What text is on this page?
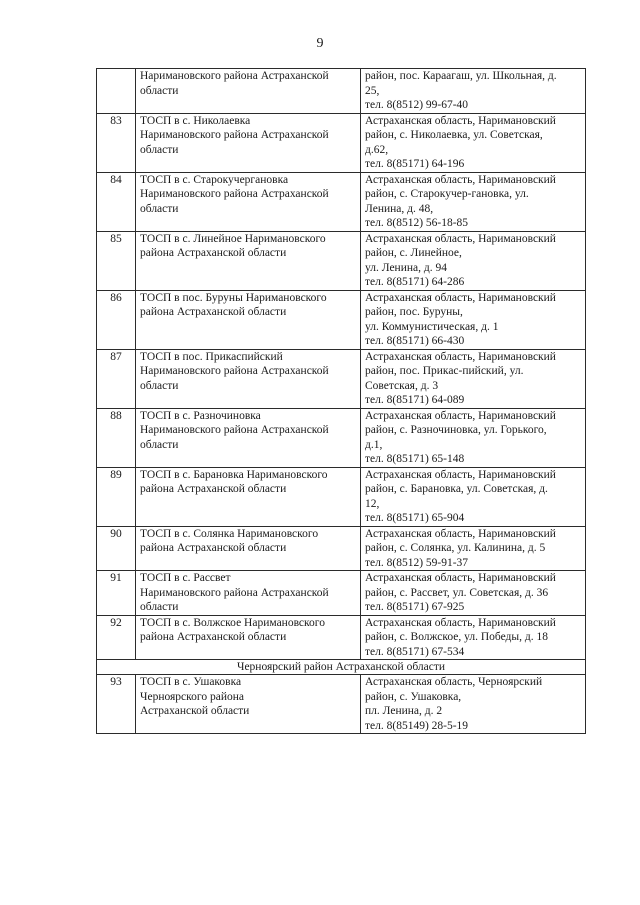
9

	Наримановского района Астраханской
области	район, пос. Караагаш, ул. Школьная, д.
25,
тел. 8(8512) 99-67-40

83	ТОСП в с. Николаевка
Наримановского района Астраханской
области	Астраханская область, Наримановский
район, с. Николаевка, ул. Советская,
д.62,
тел. 8(85171) 64-196

84	ТОСП в с. Старокучергановка
Наримановского района Астраханской
области	Астраханская область, Наримановский
район, с. Старокучер-гановка, ул.
Ленина, д. 48,
тел. 8(8512) 56-18-85

85	ТОСП в с. Линейное Наримановского
района Астраханской области	Астраханская область, Наримановский
район, с. Линейное,
ул. Ленина, д. 94
тел. 8(85171) 64-286

86	ТОСП в пос. Буруны Наримановского
района Астраханской области	Астраханская область, Наримановский
район, пос. Буруны,
ул. Коммунистическая, д. 1
тел. 8(85171) 66-430

87	ТОСП в пос. Прикаспийский
Наримановского района Астраханской
области	Астраханская область, Наримановский
район, пос. Прикас-пийский, ул.
Советская, д. 3
тел. 8(85171) 64-089

88	ТОСП в с. Разночиновка
Наримановского района Астраханской
области	Астраханская область, Наримановский
район, с. Разночиновка, ул. Горького,
д.1,
тел. 8(85171) 65-148

89	ТОСП в с. Барановка Наримановского
района Астраханской области	Астраханская область, Наримановский
район, с. Барановка, ул. Советская, д.
12,
тел. 8(85171) 65-904

90	ТОСП в с. Солянка Наримановского
района Астраханской области	Астраханская область, Наримановский
район, с. Солянка, ул. Калинина, д. 5
тел. 8(8512) 59-91-37

91	ТОСП в с. Рассвет
Наримановского района Астраханской
области	Астраханская область, Наримановский
район, с. Рассвет, ул. Советская, д. 36
тел. 8(85171) 67-925

92	ТОСП в с. Волжское Наримановского
района Астраханской области	Астраханская область, Наримановский
район, с. Волжское, ул. Победы, д. 18
тел. 8(85171) 67-534

Черноярский район Астраханской области		
93	ТОСП в с. Ушаковка
Черноярского района
Астраханской области	Астраханская область, Черноярский
район, с. Ушаковка,
пл. Ленина, д. 2
тел. 8(85149) 28-5-19
